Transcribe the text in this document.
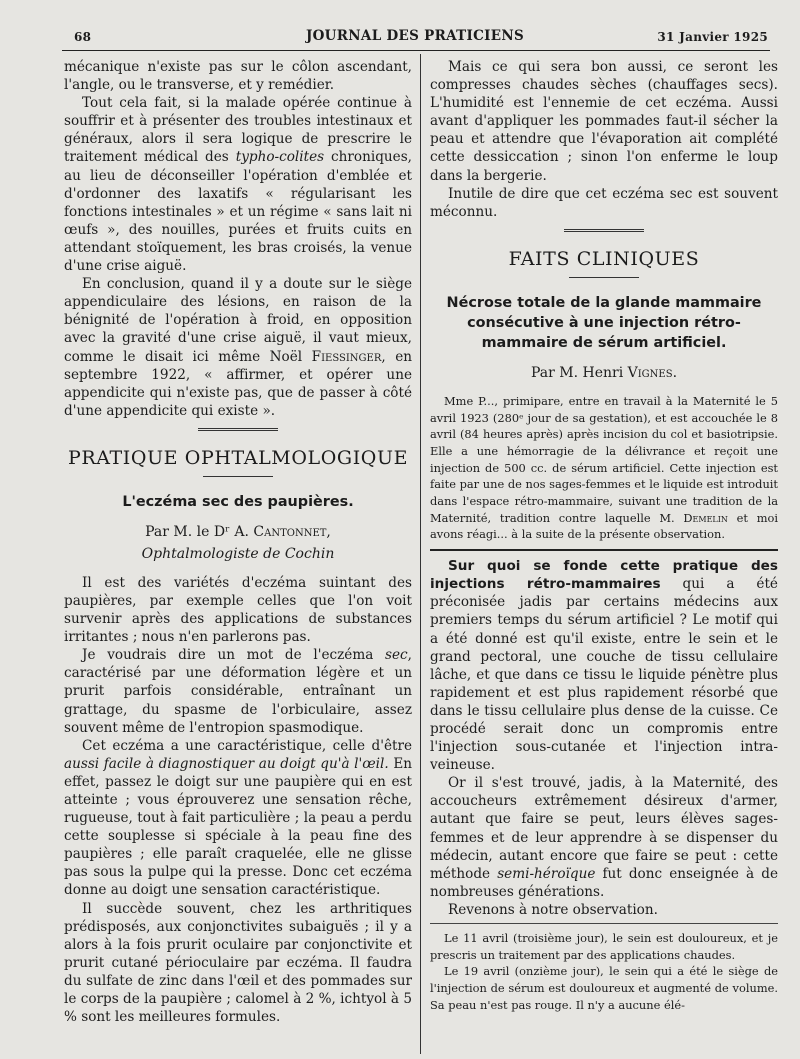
68	JOURNAL DES PRATICIENS	31 Janvier 1925

mécanique n'existe pas sur le côlon ascendant, l'angle, ou le transverse, et y remédier.

Tout cela fait, si la malade opérée continue à souffrir et à présenter des troubles intestinaux et généraux, alors il sera logique de prescrire le traitement médical des typho-colites chroniques, au lieu de déconseiller l'opération d'emblée et d'ordonner des laxatifs « régularisant les fonctions intestinales » et un régime « sans lait ni œufs », des nouilles, purées et fruits cuits en attendant stoïquement, les bras croisés, la venue d'une crise aiguë.

En conclusion, quand il y a doute sur le siège appendiculaire des lésions, en raison de la bénignité de l'opération à froid, en opposition avec la gravité d'une crise aiguë, il vaut mieux, comme le disait ici même Noël Fiessinger, en septembre 1922, « affirmer, et opérer une appendicite qui n'existe pas, que de passer à côté d'une appendicite qui existe ».

PRATIQUE OPHTALMOLOGIQUE
L'eczéma sec des paupières.
Par M. le Dʳ A. Cantonnet,
Ophtalmologiste de Cochin

Il est des variétés d'eczéma suintant des paupières, par exemple celles que l'on voit survenir après des applications de substances irritantes ; nous n'en parlerons pas.

Je voudrais dire un mot de l'eczéma sec, caractérisé par une déformation légère et un prurit parfois considérable, entraînant un grattage, du spasme de l'orbiculaire, assez souvent même de l'entropion spasmodique.

Cet eczéma a une caractéristique, celle d'être aussi facile à diagnostiquer au doigt qu'à l'œil. En effet, passez le doigt sur une paupière qui en est atteinte ; vous éprouverez une sensation rêche, rugueuse, tout à fait particulière ; la peau a perdu cette souplesse si spéciale à la peau fine des paupières ; elle paraît craquelée, elle ne glisse pas sous la pulpe qui la presse. Donc cet eczéma donne au doigt une sensation caractéristique.

Il succède souvent, chez les arthritiques prédisposés, aux conjonctivites subaiguës ; il y a alors à la fois prurit oculaire par conjonctivite et prurit cutané périoculaire par eczéma. Il faudra du sulfate de zinc dans l'œil et des pommades sur le corps de la paupière ; calomel à 2 %, ichtyol à 5 % sont les meilleures formules.

Mais ce qui sera bon aussi, ce seront les compresses chaudes sèches (chauffages secs). L'humidité est l'ennemie de cet eczéma. Aussi avant d'appliquer les pommades faut-il sécher la peau et attendre que l'évaporation ait complété cette dessiccation ; sinon l'on enferme le loup dans la bergerie.

Inutile de dire que cet eczéma sec est souvent méconnu.

FAITS CLINIQUES
Nécrose totale de la glande mammaire consécutive à une injection rétro-mammaire de sérum artificiel.
Par M. Henri Vignes.

Mme P..., primipare, entre en travail à la Maternité le 5 avril 1923 (280ᵉ jour de sa gestation), et est accouchée le 8 avril (84 heures après) après incision du col et basiotripsie. Elle a une hémorragie de la délivrance et reçoit une injection de 500 cc. de sérum artificiel. Cette injection est faite par une de nos sages-femmes et le liquide est introduit dans l'espace rétro-mammaire, suivant une tradition de la Maternité, tradition contre laquelle M. Demelin et moi avons réagi... à la suite de la présente observation.

Sur quoi se fonde cette pratique des injections rétro-mammaires qui a été préconisée jadis par certains médecins aux premiers temps du sérum artificiel ? Le motif qui a été donné est qu'il existe, entre le sein et le grand pectoral, une couche de tissu cellulaire lâche, et que dans ce tissu le liquide pénètre plus rapidement et est plus rapidement résorbé que dans le tissu cellulaire plus dense de la cuisse. Ce procédé serait donc un compromis entre l'injection sous-cutanée et l'injection intra-veineuse.

Or il s'est trouvé, jadis, à la Maternité, des accoucheurs extrêmement désireux d'armer, autant que faire se peut, leurs élèves sages-femmes et de leur apprendre à se dispenser du médecin, autant encore que faire se peut : cette méthode semi-héroïque fut donc enseignée à de nombreuses générations.

Revenons à notre observation.

Le 11 avril (troisième jour), le sein est douloureux, et je prescris un traitement par des applications chaudes.

Le 19 avril (onzième jour), le sein qui a été le siège de l'injection de sérum est douloureux et augmenté de volume. Sa peau n'est pas rouge. Il n'y a aucune élé-
